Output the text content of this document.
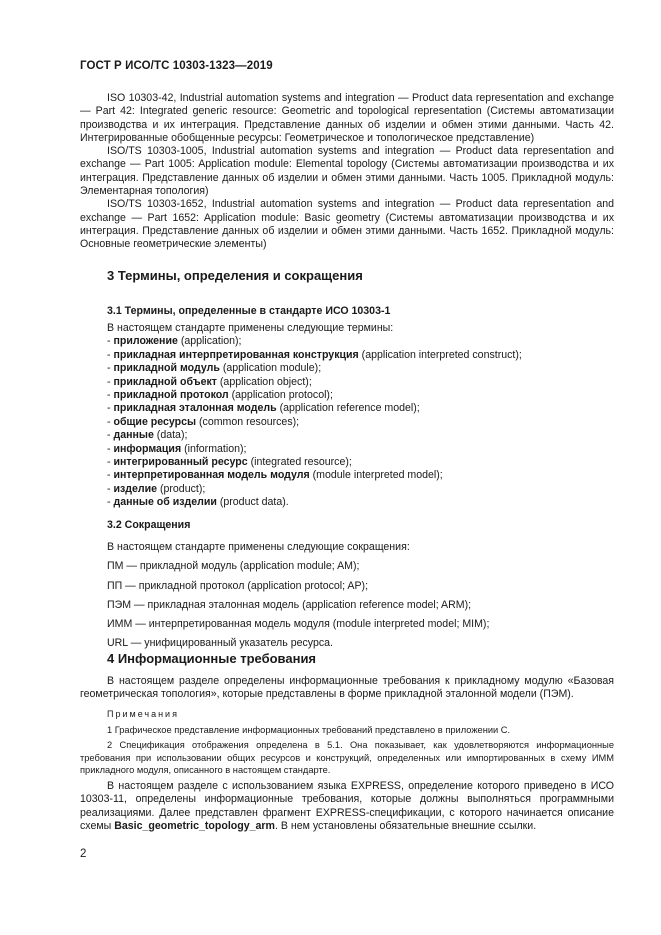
ГОСТ Р ИСО/ТС 10303-1323—2019

ISO 10303-42, Industrial automation systems and integration — Product data representation and exchange — Part 42: Integrated generic resource: Geometric and topological representation (Системы автоматизации производства и их интеграция. Представление данных об изделии и обмен этими данными. Часть 42. Интегрированные обобщенные ресурсы: Геометрическое и топологическое представление)

ISO/TS 10303-1005, Industrial automation systems and integration — Product data representation and exchange — Part 1005: Application module: Elemental topology (Системы автоматизации производства и их интеграция. Представление данных об изделии и обмен этими данными. Часть 1005. Прикладной модуль: Элементарная топология)

ISO/TS 10303-1652, Industrial automation systems and integration — Product data representation and exchange — Part 1652: Application module: Basic geometry (Системы автоматизации производства и их интеграция. Представление данных об изделии и обмен этими данными. Часть 1652. Прикладной модуль: Основные геометрические элементы)

3 Термины, определения и сокращения
3.1 Термины, определенные в стандарте ИСО 10303-1
В настоящем стандарте применены следующие термины:
- приложение (application);
- прикладная интерпретированная конструкция (application interpreted construct);
- прикладной модуль (application module);
- прикладной объект (application object);
- прикладной протокол (application protocol);
- прикладная эталонная модель (application reference model);
- общие ресурсы (common resources);
- данные (data);
- информация (information);
- интегрированный ресурс (integrated resource);
- интерпретированная модель модуля (module interpreted model);
- изделие (product);
- данные об изделии (product data).
3.2 Сокращения
В настоящем стандарте применены следующие сокращения:
ПМ — прикладной модуль (application module; AM);
ПП — прикладной протокол (application protocol; AP);
ПЭМ — прикладная эталонная модель (application reference model; ARM);
ИММ — интерпретированная модель модуля (module interpreted model; MIM);
URL — унифицированный указатель ресурса.
4 Информационные требования

В настоящем разделе определены информационные требования к прикладному модулю «Базовая геометрическая топология», которые представлены в форме прикладной эталонной модели (ПЭМ).

Примечания

1 Графическое представление информационных требований представлено в приложении С.

2 Спецификация отображения определена в 5.1. Она показывает, как удовлетворяются информационные требования при использовании общих ресурсов и конструкций, определенных или импортированных в схему ИММ прикладного модуля, описанного в настоящем стандарте.

В настоящем разделе с использованием языка EXPRESS, определение которого приведено в ИСО 10303-11, определены информационные требования, которые должны выполняться программными реализациями. Далее представлен фрагмент EXPRESS-спецификации, с которого начинается описание схемы Basic_geometric_topology_arm. В нем установлены обязательные внешние ссылки.

2
